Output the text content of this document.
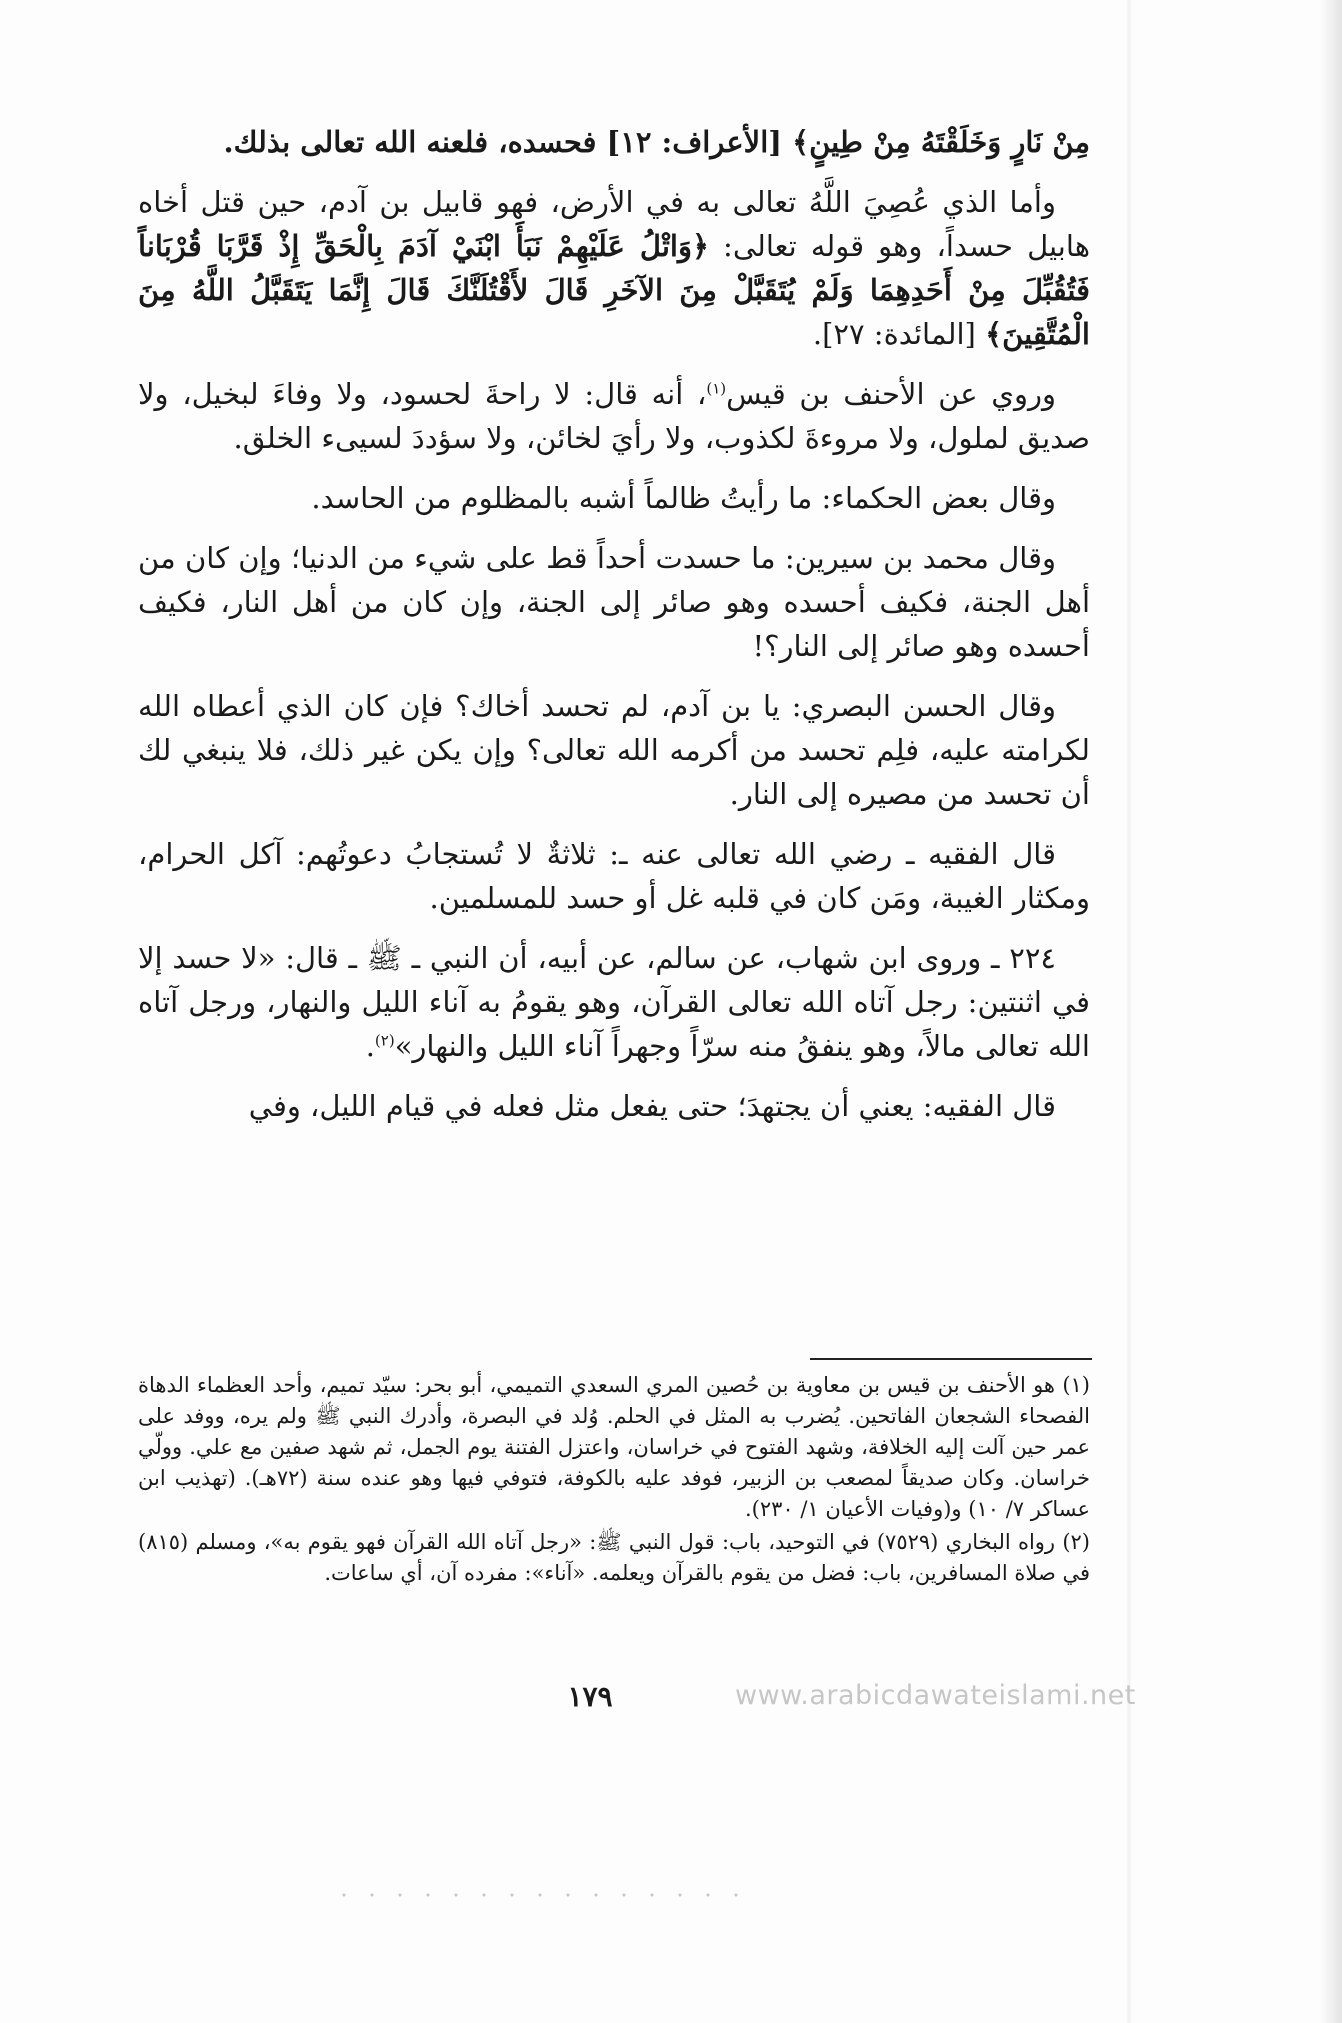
مِنْ نَارٍ وَخَلَقْتَهُ مِنْ طِينٍ﴾ [الأعراف: ١٢] فحسده، فلعنه الله تعالى بذلك.

وأما الذي عُصِيَ اللَّهُ تعالى به في الأرض، فهو قابيل بن آدم، حين قتل أخاه هابيل حسداً، وهو قوله تعالى: ﴿وَاتْلُ عَلَيْهِمْ نَبَأَ ابْنَيْ آدَمَ بِالْحَقِّ إِذْ قَرَّبَا قُرْبَاناً فَتُقُبِّلَ مِنْ أَحَدِهِمَا وَلَمْ يُتَقَبَّلْ مِنَ الآخَرِ قَالَ لأَقْتُلَنَّكَ قَالَ إِنَّمَا يَتَقَبَّلُ اللَّهُ مِنَ الْمُتَّقِينَ﴾ [المائدة: ٢٧].

وروي عن الأحنف بن قيس$^{(١)}$، أنه قال: لا راحةَ لحسود، ولا وفاءَ لبخيل، ولا صديق لملول، ولا مروءةَ لكذوب، ولا رأيَ لخائن، ولا سؤددَ لسيىء الخلق.

وقال بعض الحكماء: ما رأيتُ ظالماً أشبه بالمظلوم من الحاسد.

وقال محمد بن سيرين: ما حسدت أحداً قط على شيء من الدنيا؛ وإن كان من أهل الجنة، فكيف أحسده وهو صائر إلى الجنة، وإن كان من أهل النار، فكيف أحسده وهو صائر إلى النار؟!

وقال الحسن البصري: يا بن آدم، لم تحسد أخاك؟ فإن كان الذي أعطاه الله لكرامته عليه، فلِم تحسد من أكرمه الله تعالى؟ وإن يكن غير ذلك، فلا ينبغي لك أن تحسد من مصيره إلى النار.

قال الفقيه ـ رضي الله تعالى عنه ـ: ثلاثةٌ لا تُستجابُ دعوتُهم: آكل الحرام، ومكثار الغيبة، ومَن كان في قلبه غل أو حسد للمسلمين.

٢٢٤ ـ وروى ابن شهاب، عن سالم، عن أبيه، أن النبي ـ ﷺ ـ قال: «لا حسد إلا في اثنتين: رجل آتاه الله تعالى القرآن، وهو يقومُ به آناء الليل والنهار، ورجل آتاه الله تعالى مالاً، وهو ينفقُ منه سرّاً وجهراً آناء الليل والنهار»$^{(٢)}$.

قال الفقيه: يعني أن يجتهدَ؛ حتى يفعل مثل فعله في قيام الليل، وفي

(١) هو الأحنف بن قيس بن معاوية بن حُصين المري السعدي التميمي، أبو بحر: سيّد تميم، وأحد العظماء الدهاة الفصحاء الشجعان الفاتحين. يُضرب به المثل في الحلم. وُلد في البصرة، وأدرك النبي ﷺ ولم يره، ووفد على عمر حين آلت إليه الخلافة، وشهد الفتوح في خراسان، واعتزل الفتنة يوم الجمل، ثم شهد صفين مع علي. وولّي خراسان. وكان صديقاً لمصعب بن الزبير، فوفد عليه بالكوفة، فتوفي فيها وهو عنده سنة (٧٢هـ). (تهذيب ابن عساكر ٧/ ١٠) و(وفيات الأعيان ١/ ٢٣٠).

(٢) رواه البخاري (٧٥٢٩) في التوحيد، باب: قول النبي ﷺ: «رجل آتاه الله القرآن فهو يقوم به»، ومسلم (٨١٥) في صلاة المسافرين، باب: فضل من يقوم بالقرآن ويعلمه. «آناء»: مفرده آن، أي ساعات.

١٧٩	www.arabicdawateislami.net
